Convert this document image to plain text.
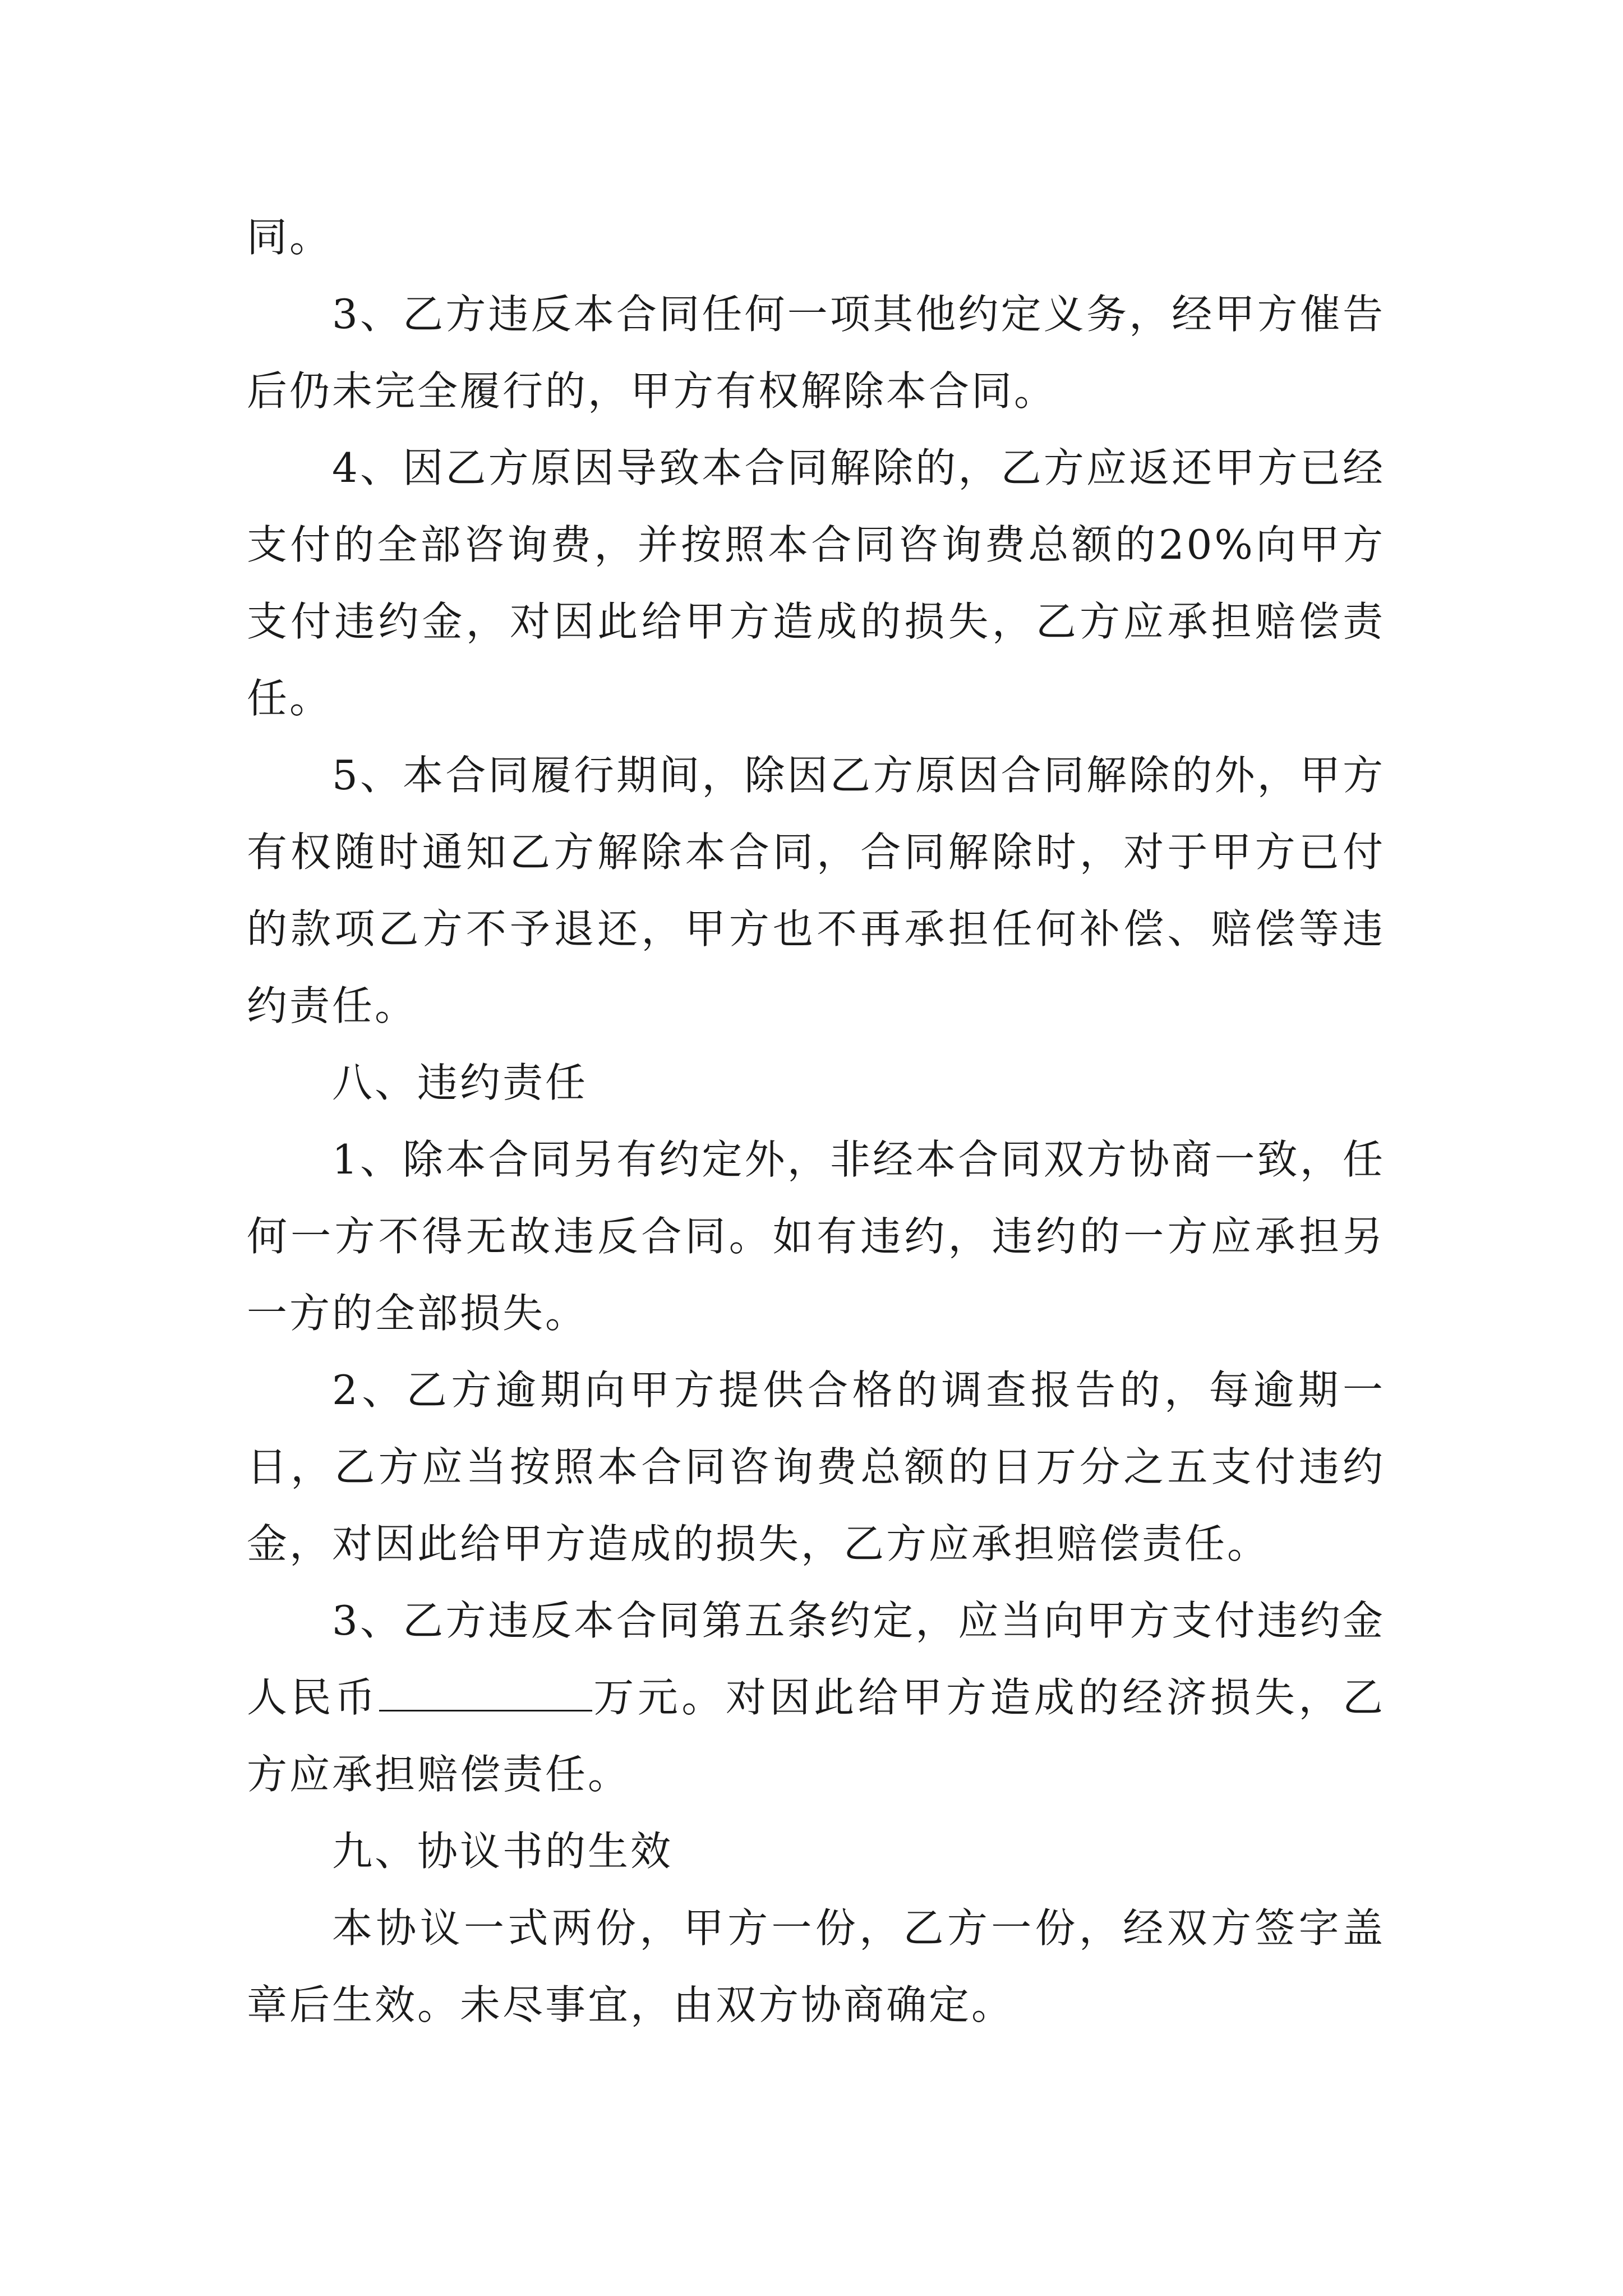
同。

3、乙方违反本合同任何一项其他约定义务，经甲方催告后仍未完全履行的，甲方有权解除本合同。

4、因乙方原因导致本合同解除的，乙方应返还甲方已经支付的全部咨询费，并按照本合同咨询费总额的20%向甲方支付违约金，对因此给甲方造成的损失，乙方应承担赔偿责任。

5、本合同履行期间，除因乙方原因合同解除的外，甲方有权随时通知乙方解除本合同，合同解除时，对于甲方已付的款项乙方不予退还，甲方也不再承担任何补偿、赔偿等违约责任。

八、违约责任

1、除本合同另有约定外，非经本合同双方协商一致，任何一方不得无故违反合同。如有违约，违约的一方应承担另一方的全部损失。

2、乙方逾期向甲方提供合格的调查报告的，每逾期一日，乙方应当按照本合同咨询费总额的日万分之五支付违约金，对因此给甲方造成的损失，乙方应承担赔偿责任。

3、乙方违反本合同第五条约定，应当向甲方支付违约金人民币	万元。对因此给甲方造成的经济损失，乙方应承担赔偿责任。

九、协议书的生效

本协议一式两份，甲方一份，乙方一份，经双方签字盖章后生效。未尽事宜，由双方协商确定。
